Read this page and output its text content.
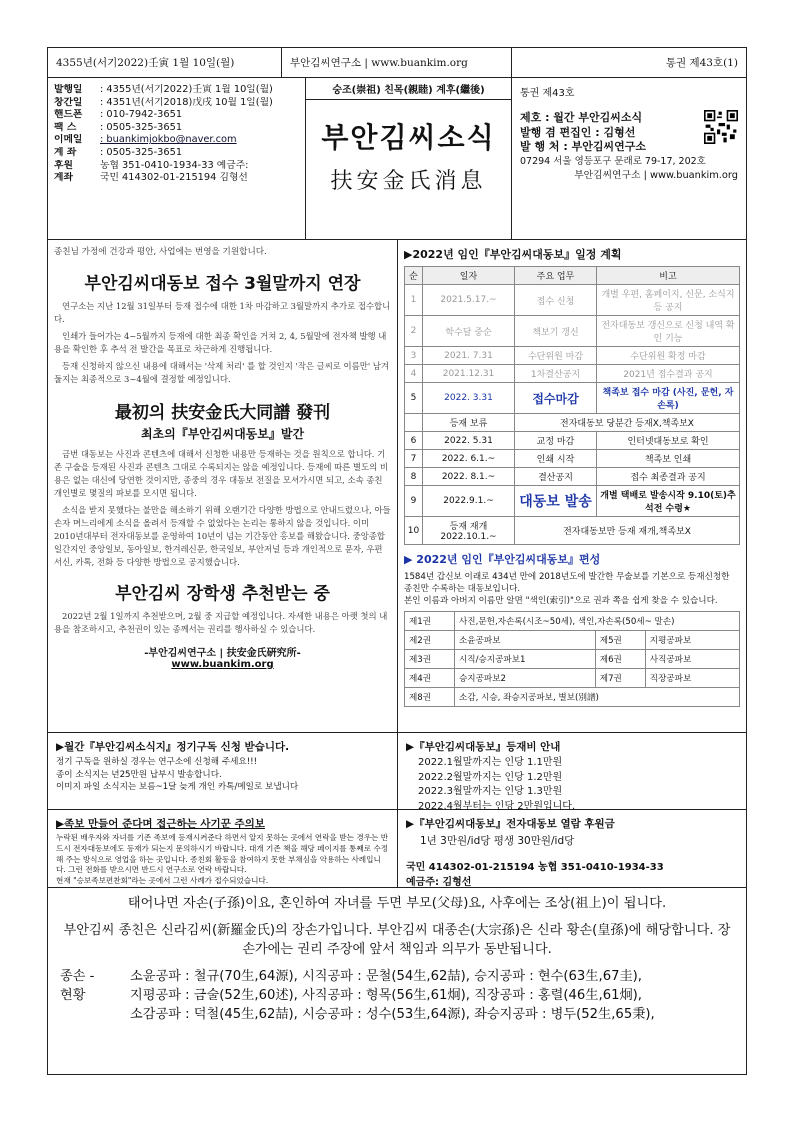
4355년(서기2022)壬寅 1월 10일(월)	부안김씨연구소 | www.buankim.org	통권 제43호(1)
발행일 : 4355년(서기2022)壬寅 1월 10일(월)
창간일 : 4351년(서기2018)戊戌 10월 1일(월)
핸드폰 : 010-7942-3651
팩 스 : 0505-325-3651
이메일 : buankimjokbo@naver.com
계 좌 : 0505-325-3651
후원	농협 351-0410-1934-33 예금주:
계좌	국민 414302-01-215194 김형선
숭조(崇祖) 친목(親睦) 계후(繼後)
부안김씨소식
扶安金氏消息
통권 제43호
제호 : 월간 부안김씨소식
발행 겸 편집인 : 김형선
발 행 처 : 부안김씨연구소
07294 서울 영등포구 문래로 79-17, 202호
부안김씨연구소 | www.buankim.org
종친님 가정에 건강과 평안, 사업에는 번영을 기원합니다.
부안김씨대동보 접수 3월말까지 연장
연구소는 지난 12월 31일부터 등재 접수에 대한 1차 마감하고 3월말까지 추가로 접수합니다.
인쇄가 들어가는 4~5월까지 등재에 대한 최종 확인을 거쳐 2, 4, 5월말에 전자책 발행 내용을 확인한 후 추석 전 발간을 목표로 차근하게 진행됩니다.
등재 신청하지 않으신 내용에 대해서는 '삭제 처리' 를 할 것인지 '작은 글씨로 이름만' 남겨 둘지는 최종적으로 3~4월에 결정할 예정입니다.
最初의 扶安金氏大同譜 發刊
최초의『부안김씨대동보』발간
금번 대동보는 사진과 콘텐츠에 대해서 신청한 내용만 등재하는 것을 원칙으로 합니다. 기존 구술을 등재된 사진과 콘텐츠 그대로 수록되지는 않을 예정입니다. 등재에 따른 별도의 비용은 없는 대신에 당연한 것이지만, 종중의 경우 대동보 전질을 모셔가시면 되고, 소속 종친 개인별로 몇질의 파보를 모시면 됩니다.
소식을 받지 못했다는 불만을 해소하기 위해 오랜기간 다양한 방법으로 안내드렸으나, 아들 손자 며느리에게 소식을 올려서 등재할 수 없었다는 논리는 통하지 않을 것입니다. 이미 2010년대부터 전자대동보를 운영하여 10년이 넘는 기간동안 홍보를 해왔습니다. 중앙종합일간지인 중앙일보, 동아일보, 한겨레신문, 한국일보, 부안저널 등과 개인적으로 문자, 우편 서신, 카톡, 전화 등 다양한 방법으로 공지했습니다.
부안김씨 장학생 추천받는 중
2022년 2월 1일까지 추천받으며, 2월 중 지급할 예정입니다. 자세한 내용은 아랫 첫의 내용을 참조하시고, 추천권이 있는 종께서는 권리를 행사하실 수 있습니다.
-부안김씨연구소 | 扶安金氏硏究所-
www.buankim.org
▶2022년 임인『부안김씨대동보』일정 계획
순	일자	주요 업무	비고
1	2021.5.17.~	접수 신청	개별 우편, 홈페이지, 신문, 소식지 등 공지
2	학수달 중순	책보기 갱신	전자대동보 갱신으로 신청 내역 확인 기능
3	2021. 7.31	수단위원 마감	수단위원 확정 마감
4	2021.12.31	1차결산공지	2021년 접수결과 공지
5	2022. 3.31	접수마감	책족보 접수 마감 (사진, 문헌, 자손록)
	등재 보류	전자대동보 당분간 등재X,책족보X	
6	2022. 5.31	교정 마감	인터넷대동보로 확인
7	2022. 6.1.~	인쇄 시작	책족보 인쇄
8	2022. 8.1.~	결산공지	접수 최종결과 공지
9	2022.9.1.~	대동보 발송	개별 택배로 발송시작 9.10(토)추석전 수령★
10	등재 재개 2022.10.1.~	전자대동보만 등재 재개,책족보X	
▶ 2022년 임인『부안김씨대동보』편성
1584년 갑신보 이래로 434년 만에 2018년도에 발간한 무술보를 기본으로 등재신청한 종친만 수록하는 대동보입니다.
본인 이름과 아버지 이름만 알면 "색인(索引)"으로 권과 쪽을 쉽게 찾을 수 있습니다.
제1권	사진,문헌,자손록(시조~50세), 색인,자손록(50세~ 말손)		
제2권	소윤공파보	제5권	지평공파보
제3권	시직/승지공파보1	제6권	사직공파보
제4권	승지공파보2	제7권	직장공파보
제8권	소감, 시승, 좌승지공파보, 별보(別譜)		
▶월간『부안김씨소식지』정기구독 신청 받습니다.
정기 구독을 원하실 경우는 연구소에 신청해 주세요!!!
종이 소식지는 년25만원 납부시 발송합니다.
이미지 파일 소식지는 보름~1달 늦게 개인 카톡/메일로 보냅니다
▶『부안김씨대동보』등재비 안내
2022.1월말까지는 인당 1.1만원
2022.2월말까지는 인당 1.2만원
2022.3월말까지는 인당 1.3만원
2022.4월부터는 인당 2만원입니다.
▶족보 만들어 준다며 접근하는 사기꾼 주의보
누락된 배우자와 자녀를 기존 족보에 등재시켜준다 하면서 알지 못하는 곳에서 연락을 받는 경우는 반드시 전자대동보에도 등재가 되는지 문의하시기 바랍니다. 대개 기존 책을 해당 페이지를 통째로 수정해 주는 방식으로 영업을 하는 곳입니다. 종친회 활동을 참여하지 못한 부채심을 악용하는 사례입니다. 그런 전화를 받으시면 반드시 연구소로 연락 바랍니다.
현재 "승보족보편찬회"라는 곳에서 그런 사례가 접수되었습니다.
▶『부안김씨대동보』전자대동보 열람 후원금
1년 3만원/id당 평생 30만원/id당
국민 414302-01-215194 농협 351-0410-1934-33
예금주: 김형선

태어나면 자손(子孫)이요, 혼인하여 자녀를 두면 부모(父母)요, 사후에는 조상(祖上)이 됩니다.

부안김씨 종친은 신라김씨(新羅金氏)의 장손가입니다. 부안김씨 대종손(大宗孫)은 신라 황손(皇孫)에 해당합니다. 장손가에는 권리 주장에 앞서 책임과 의무가 동반됩니다.

종손 -	소윤공파 : 철규(70生,64源), 시직공파 : 문철(54生,62喆), 승지공파 : 현수(63生,67圭),
현황	지평공파 : 금술(52生,60述), 사직공파 : 형목(56生,61炯), 직장공파 : 홍렬(46生,61炯),
소감공파 : 덕철(45生,62喆), 시승공파 : 성수(53生,64源), 좌승지공파 : 병두(52生,65秉),
